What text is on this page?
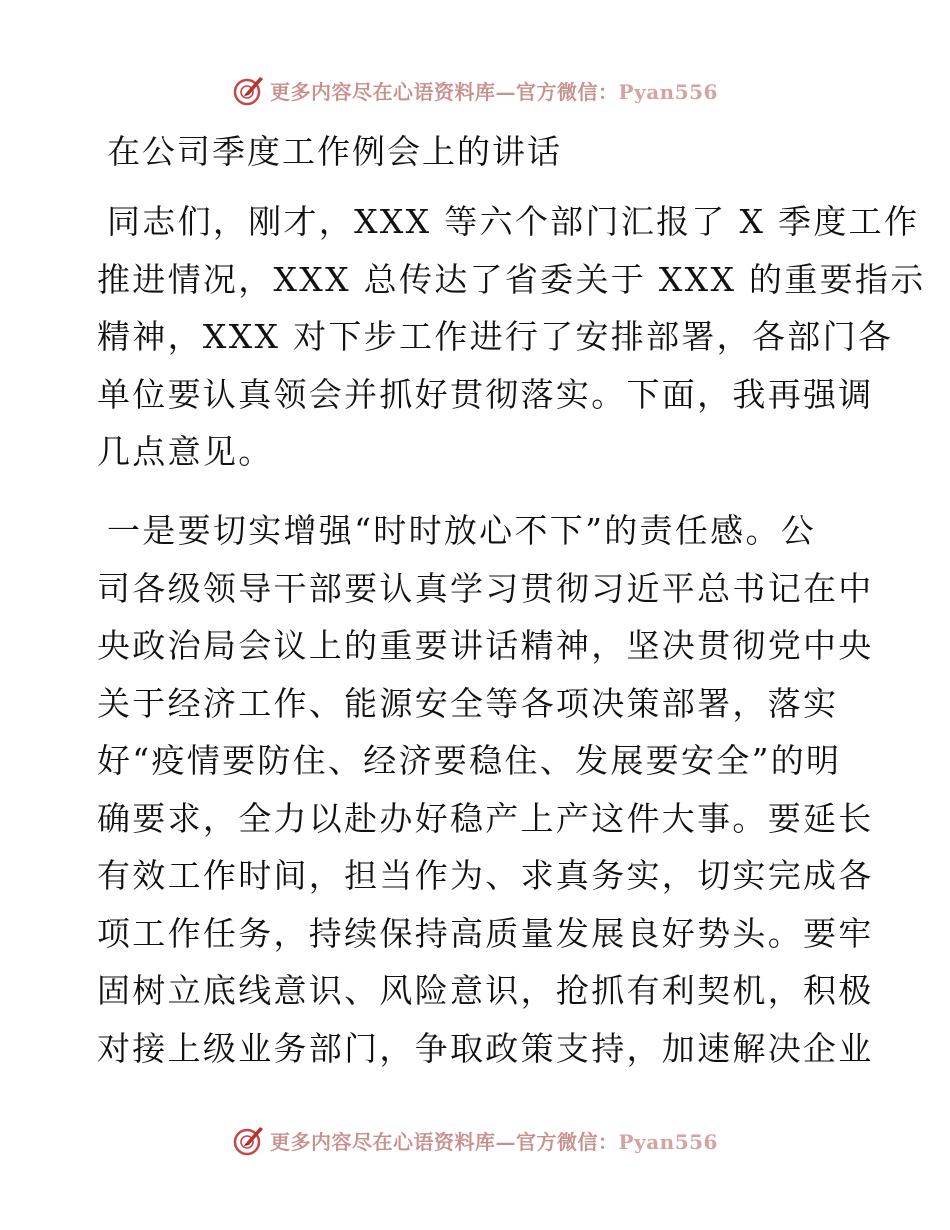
更多内容尽在心语资料库—官方微信：Pyan556
在公司季度工作例会上的讲话

同志们，刚才，XXX 等六个部门汇报了 X 季度工作
推进情况，XXX 总传达了省委关于 XXX 的重要指示
精神，XXX 对下步工作进行了安排部署，各部门各
单位要认真领会并抓好贯彻落实。下面，我再强调
几点意见。

一是要切实增强“时时放心不下”的责任感。公
司各级领导干部要认真学习贯彻习近平总书记在中
央政治局会议上的重要讲话精神，坚决贯彻党中央
关于经济工作、能源安全等各项决策部署，落实
好“疫情要防住、经济要稳住、发展要安全”的明
确要求，全力以赴办好稳产上产这件大事。要延长
有效工作时间，担当作为、求真务实，切实完成各
项工作任务，持续保持高质量发展良好势头。要牢
固树立底线意识、风险意识，抢抓有利契机，积极
对接上级业务部门，争取政策支持，加速解决企业

更多内容尽在心语资料库—官方微信：Pyan556
